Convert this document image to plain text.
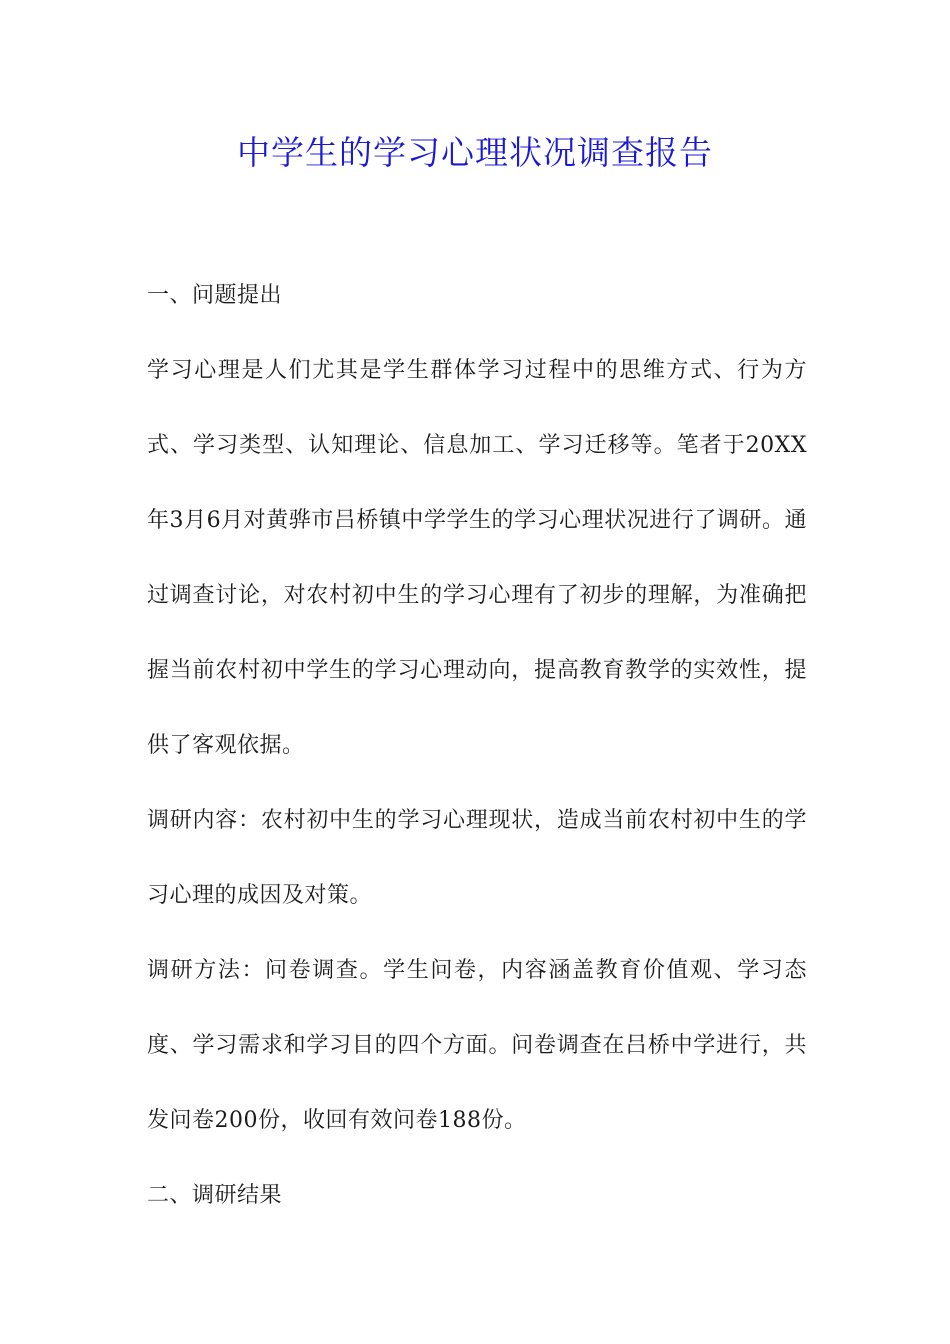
中学生的学习心理状况调查报告

一、问题提出

学习心理是人们尤其是学生群体学习过程中的思维方式、行为方式、学习类型、认知理论、信息加工、学习迁移等。笔者于20XX年3月6月对黄骅市吕桥镇中学学生的学习心理状况进行了调研。通过调查讨论，对农村初中生的学习心理有了初步的理解，为准确把握当前农村初中学生的学习心理动向，提高教育教学的实效性，提供了客观依据。

调研内容：农村初中生的学习心理现状，造成当前农村初中生的学习心理的成因及对策。

调研方法：问卷调查。学生问卷，内容涵盖教育价值观、学习态度、学习需求和学习目的四个方面。问卷调查在吕桥中学进行，共发问卷200份，收回有效问卷188份。

二、调研结果
